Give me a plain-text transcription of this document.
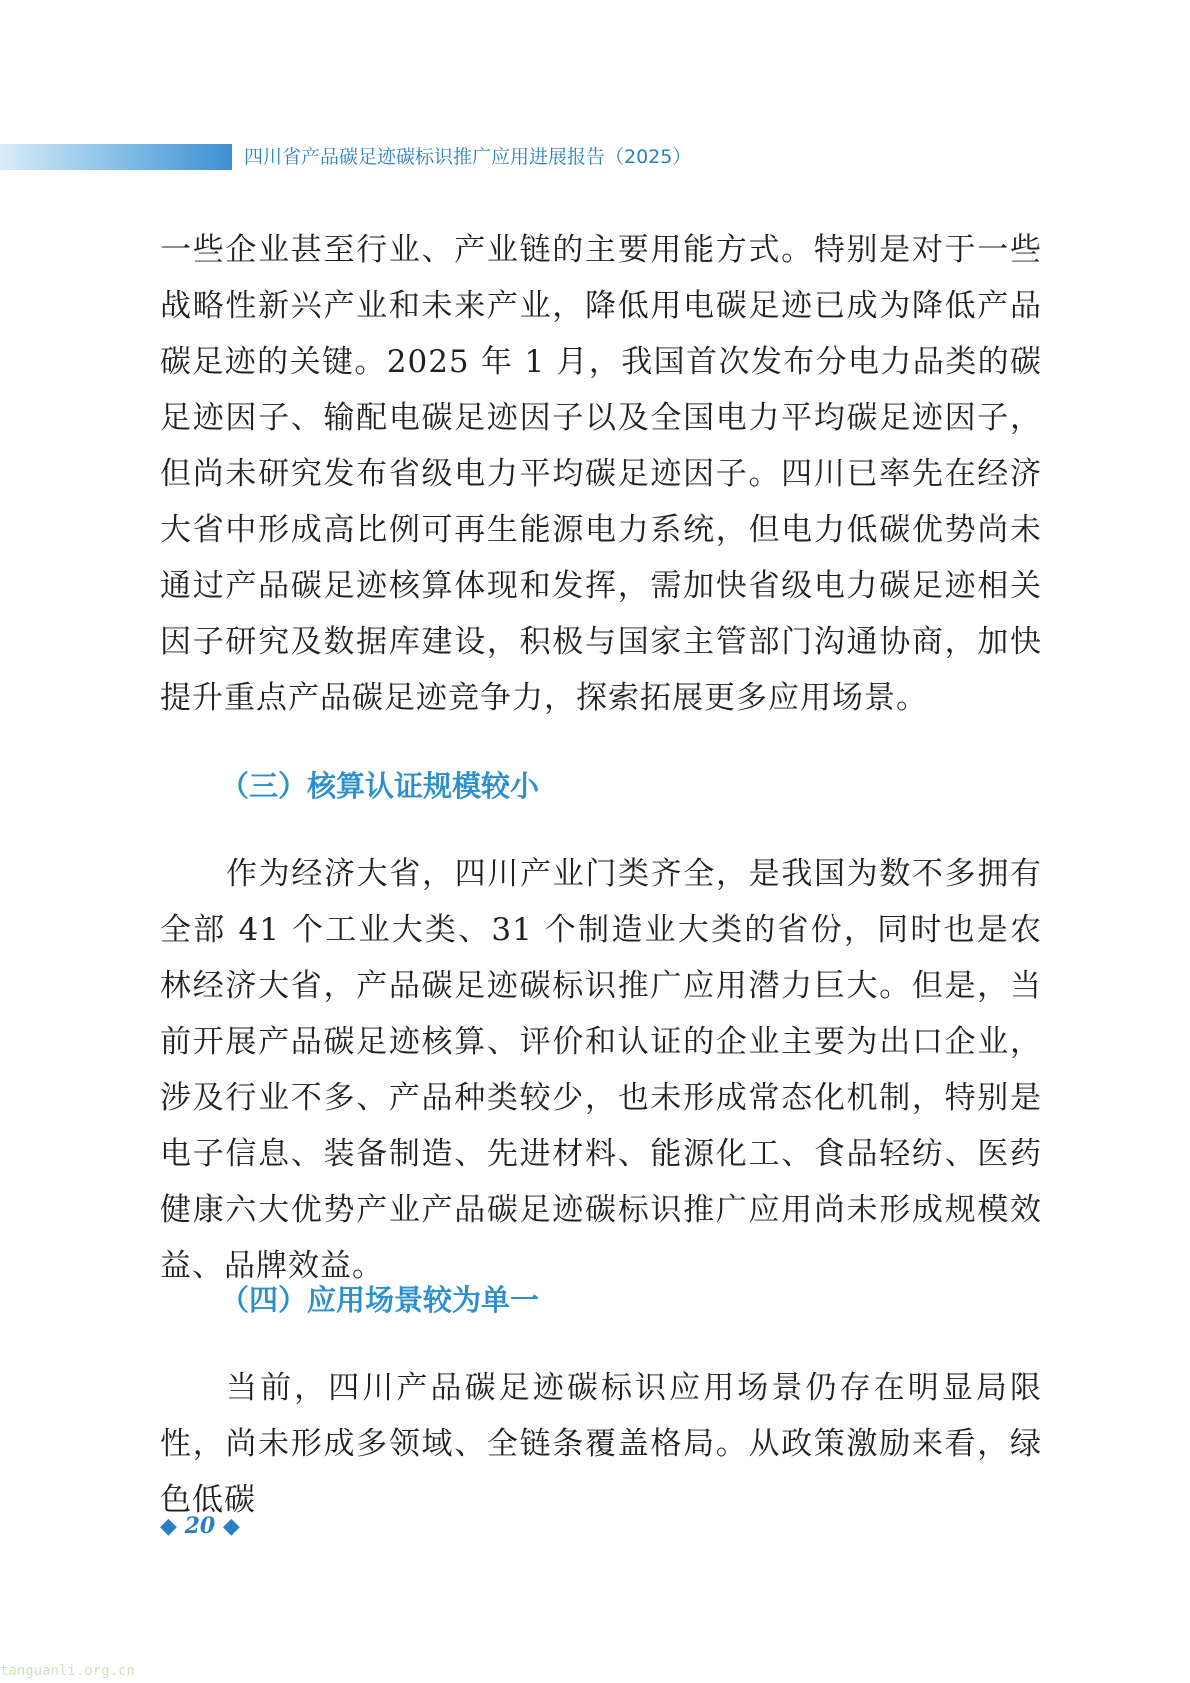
四川省产品碳足迹碳标识推广应用进展报告（2025）

一些企业甚至行业、产业链的主要用能方式。特别是对于一些战略性新兴产业和未来产业，降低用电碳足迹已成为降低产品碳足迹的关键。2025 年 1 月，我国首次发布分电力品类的碳足迹因子、输配电碳足迹因子以及全国电力平均碳足迹因子，但尚未研究发布省级电力平均碳足迹因子。四川已率先在经济大省中形成高比例可再生能源电力系统，但电力低碳优势尚未通过产品碳足迹核算体现和发挥，需加快省级电力碳足迹相关因子研究及数据库建设，积极与国家主管部门沟通协商，加快提升重点产品碳足迹竞争力，探索拓展更多应用场景。

（三）核算认证规模较小

作为经济大省，四川产业门类齐全，是我国为数不多拥有全部 41 个工业大类、31 个制造业大类的省份，同时也是农林经济大省，产品碳足迹碳标识推广应用潜力巨大。但是，当前开展产品碳足迹核算、评价和认证的企业主要为出口企业，涉及行业不多、产品种类较少，也未形成常态化机制，特别是电子信息、装备制造、先进材料、能源化工、食品轻纺、医药健康六大优势产业产品碳足迹碳标识推广应用尚未形成规模效益、品牌效益。

（四）应用场景较为单一

当前，四川产品碳足迹碳标识应用场景仍存在明显局限性，尚未形成多领域、全链条覆盖格局。从政策激励来看，绿色低碳

◆ 20 ◆
tanguanli.org.cn
